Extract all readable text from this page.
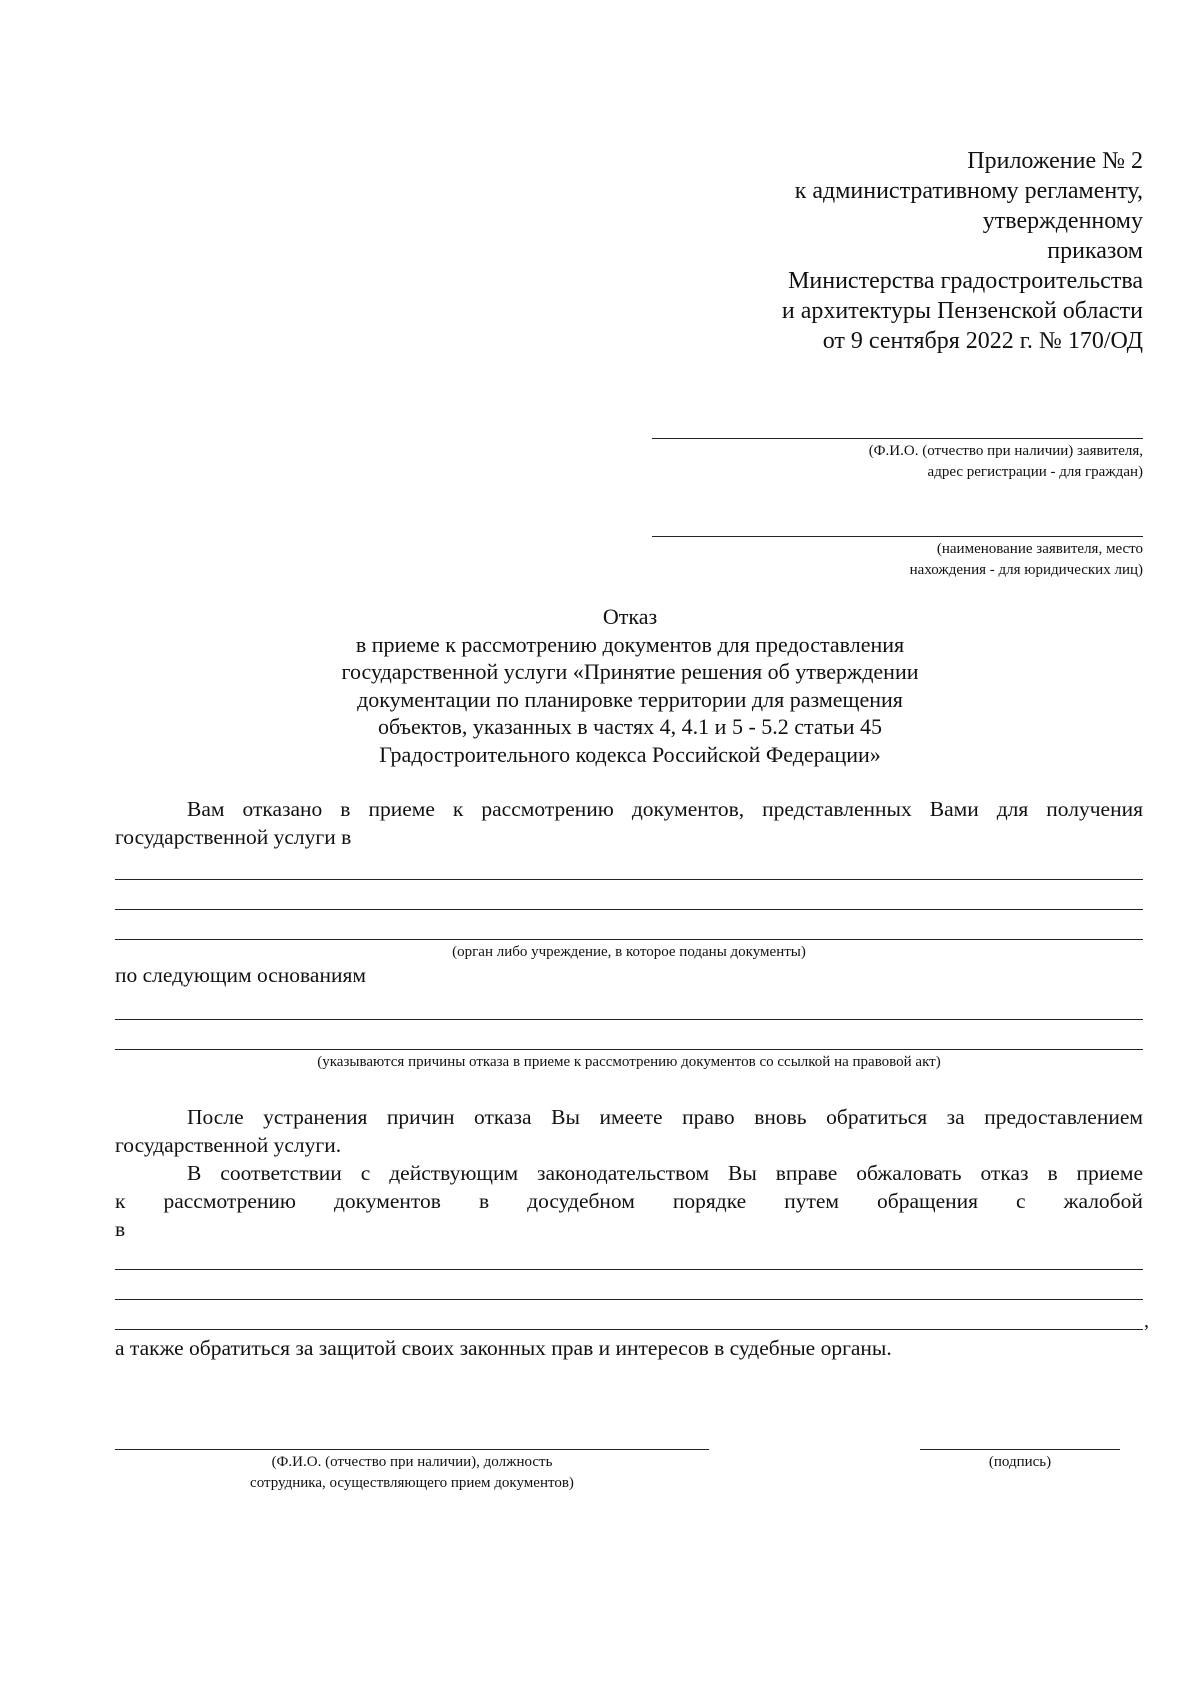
Приложение № 2
к административному регламенту,
утвержденному
приказом
Министерства градостроительства
и архитектуры Пензенской области
от 9 сентября 2022 г. № 170/ОД
(Ф.И.О. (отчество при наличии) заявителя,
адрес регистрации - для граждан)
(наименование заявителя, место
нахождения - для юридических лиц)
Отказ
в приеме к рассмотрению документов для предоставления
государственной услуги «Принятие решения об утверждении
документации по планировке территории для размещения
объектов, указанных в частях 4, 4.1 и 5 - 5.2 статьи 45
Градостроительного кодекса Российской Федерации»
Вам отказано в приеме к рассмотрению документов, представленных Вами для получения
государственной услуги в
(орган либо учреждение, в которое поданы документы)
по следующим основаниям
(указываются причины отказа в приеме к рассмотрению документов со ссылкой на правовой акт)
После устранения причин отказа Вы имеете право вновь обратиться за предоставлением
государственной услуги.
В соответствии с действующим законодательством Вы вправе обжаловать отказ в приеме
к рассмотрению документов в досудебном порядке путем обращения с жалобой
в
,
а также обратиться за защитой своих законных прав и интересов в судебные органы.
(Ф.И.О. (отчество при наличии), должность
сотрудника, осуществляющего прием документов)
(подпись)
